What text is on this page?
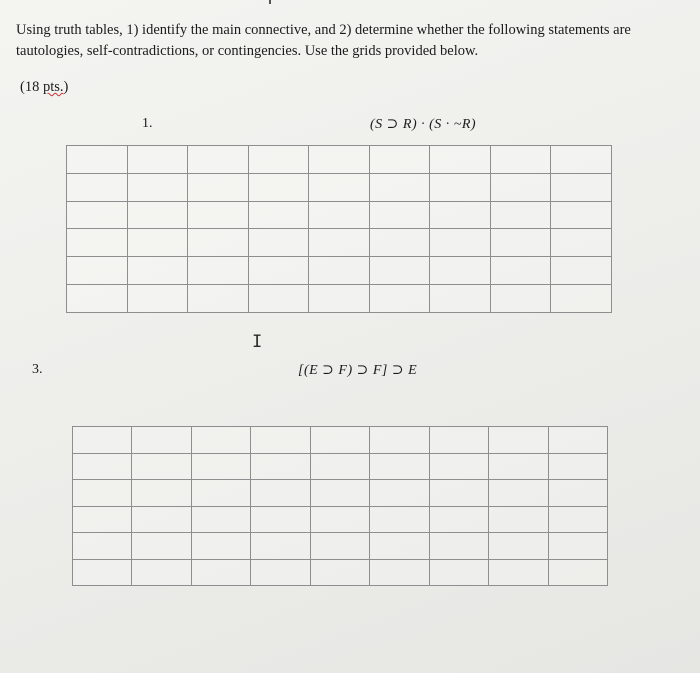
Using truth tables, 1) identify the main connective, and 2) determine whether the following statements are tautologies, self-contradictions, or contingencies. Use the grids provided below.

(18 pts.)

1.	(S ⊃ R) · (S · ~R)

I
3.	[(E ⊃ F) ⊃ F] ⊃ E
